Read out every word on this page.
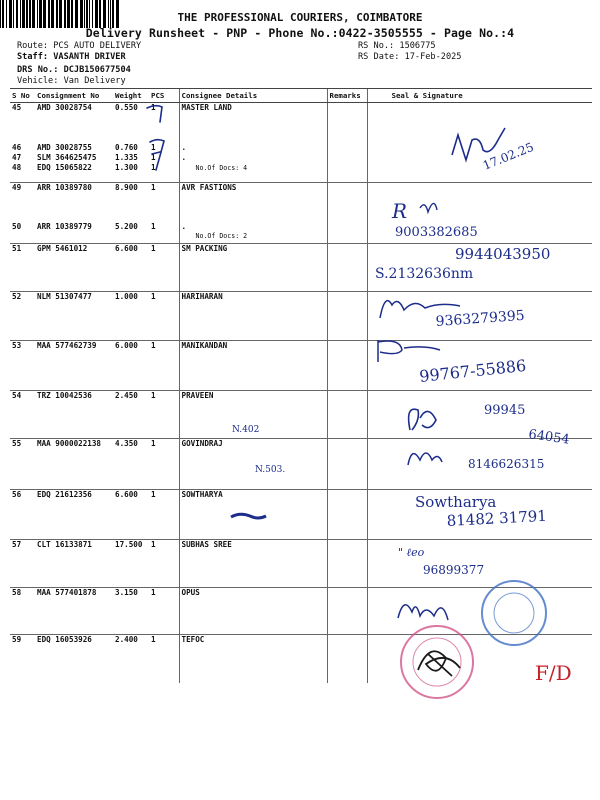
THE PROFESSIONAL COURIERS, COIMBATORE
Delivery Runsheet - PNP - Phone No.:0422-3505555 - Page No.:4
Route: PCS AUTO DELIVERY
Staff: VASANTH DRIVER
DRS No.: DCJB150677504
Vehicle: Van Delivery
RS No.: 1506775
RS Date: 17-Feb-2025
S No	Consignment No	Weight	PCS	Consignee Details	Remarks	Seal & Signature
45	AMD 30028754	0.550	1	MASTER LAND		
46	AMD 30028755	0.760	1	.		
47	SLM 364625475	1.335	1	.		
48	EDQ 15065822	1.300	1	No.Of Docs: 4		
49	ARR 10389780	8.900	1	AVR FASTIONS		
50	ARR 10389779	5.200	1	.
No.Of Docs: 2		
51	GPM 5461012	6.600	1	SM PACKING		
52	NLM 51307477	1.000	1	HARIHARAN		
53	MAA 577462739	6.000	1	MANIKANDAN		
54	TRZ 10042536	2.450	1	PRAVEEN		
55	MAA 9000022138	4.350	1	GOVINDRAJ		
56	EDQ 21612356	6.600	1	SOWTHARYA		
57	CLT 16133871	17.500	1	SUBHAS SREE		
58	MAA 577401878	3.150	1	OPUS		
59	EDQ 16053926	2.400	1	TEFOC		
17.02.25
R
9003382685
9944043950
S.2132636nm
9363279395
99767-55886
N.402
99945
64054
N.503.	8146626315
Sowtharya
81482 31791
" ℓeo
96899377
F/D
